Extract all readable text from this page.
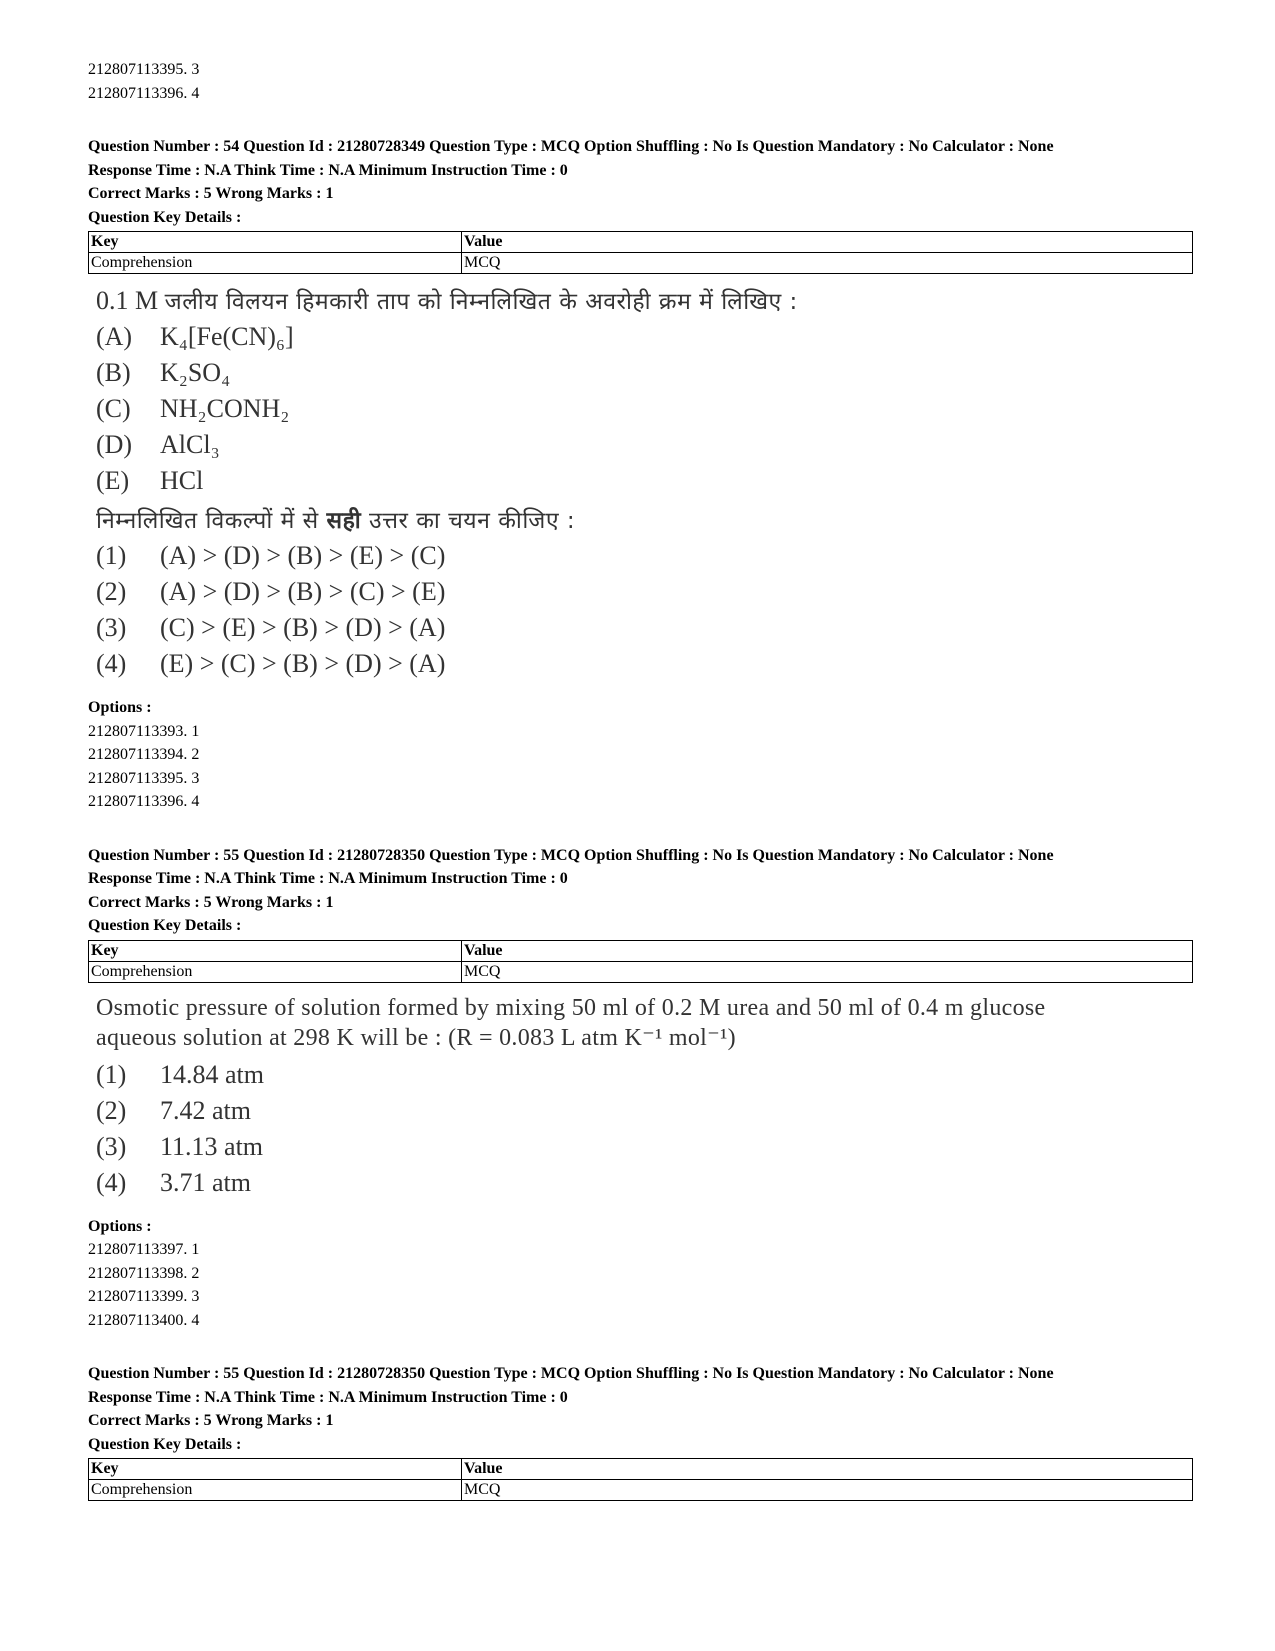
212807113395. 3
212807113396. 4
Question Number : 54 Question Id : 21280728349 Question Type : MCQ Option Shuffling : No Is Question Mandatory : No Calculator : None
Response Time : N.A Think Time : N.A Minimum Instruction Time : 0
Correct Marks : 5 Wrong Marks : 1
Question Key Details :
Key	Value
Comprehension	MCQ
0.1 M जलीय विलयन हिमकारी ताप को निम्नलिखित के अवरोही क्रम में लिखिए :
(A)	K₄[Fe(CN)₆]
(B)	K₂SO₄
(C)	NH₂CONH₂
(D)	AlCl₃
(E)	HCl
निम्नलिखित विकल्पों में से सही उत्तर का चयन कीजिए :
(1)	(A) > (D) > (B) > (E) > (C)
(2)	(A) > (D) > (B) > (C) > (E)
(3)	(C) > (E) > (B) > (D) > (A)
(4)	(E) > (C) > (B) > (D) > (A)
Options :
212807113393. 1
212807113394. 2
212807113395. 3
212807113396. 4
Question Number : 55 Question Id : 21280728350 Question Type : MCQ Option Shuffling : No Is Question Mandatory : No Calculator : None
Response Time : N.A Think Time : N.A Minimum Instruction Time : 0
Correct Marks : 5 Wrong Marks : 1
Question Key Details :
Key	Value
Comprehension	MCQ
Osmotic pressure of solution formed by mixing 50 ml of 0.2 M urea and 50 ml of 0.4 m glucose
aqueous solution at 298 K will be : (R = 0.083 L atm K⁻¹ mol⁻¹)
(1)	14.84 atm
(2)	7.42 atm
(3)	11.13 atm
(4)	3.71 atm
Options :
212807113397. 1
212807113398. 2
212807113399. 3
212807113400. 4
Question Number : 55 Question Id : 21280728350 Question Type : MCQ Option Shuffling : No Is Question Mandatory : No Calculator : None
Response Time : N.A Think Time : N.A Minimum Instruction Time : 0
Correct Marks : 5 Wrong Marks : 1
Question Key Details :
Key	Value
Comprehension	MCQ
